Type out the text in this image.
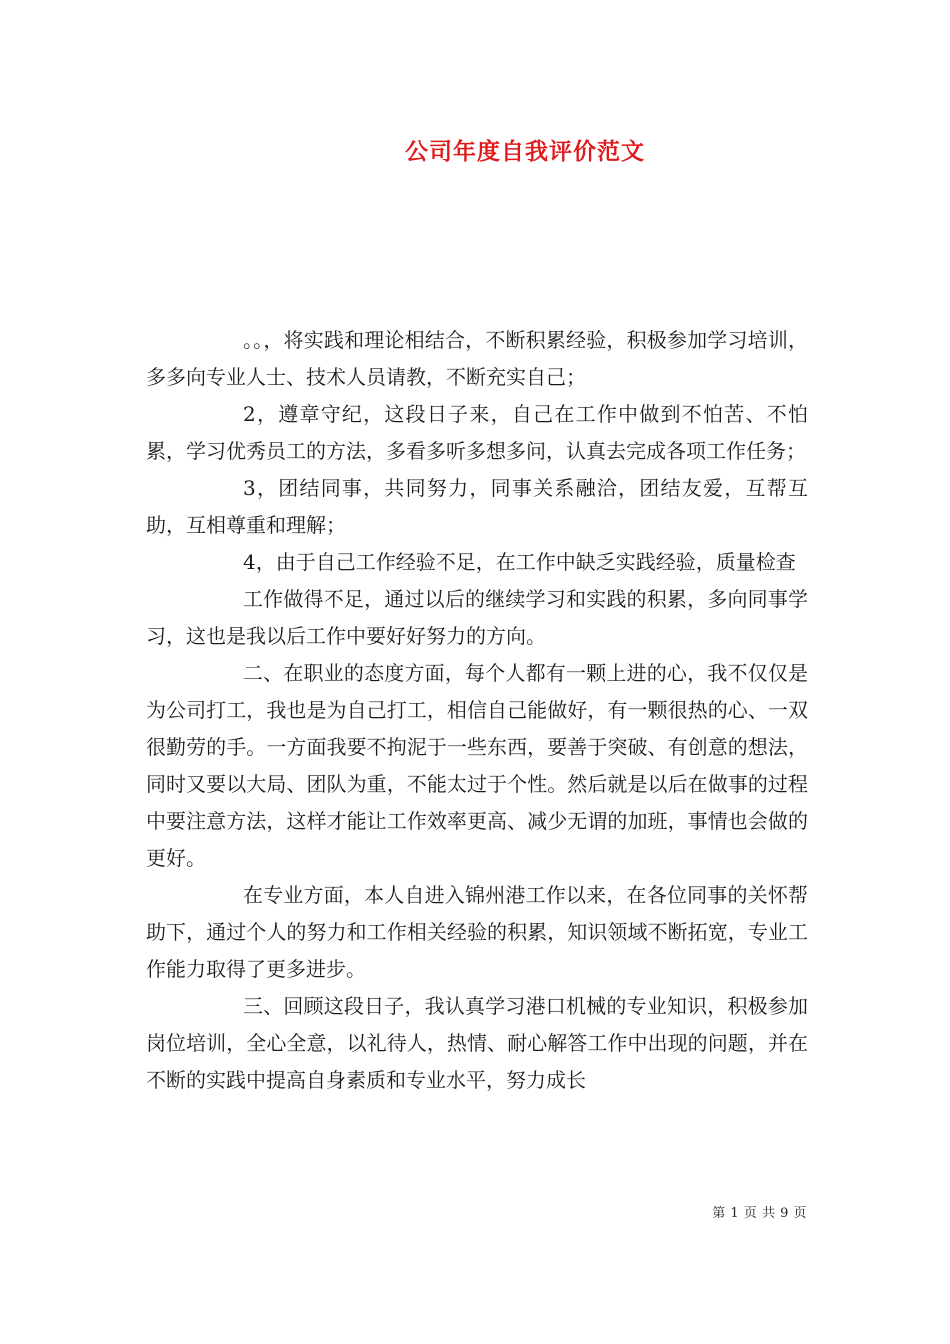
公司年度自我评价范文

。。，将实践和理论相结合，不断积累经验，积极参加学习培训，多多向专业人士、技术人员请教，不断充实自己；

2，遵章守纪，这段日子来，自己在工作中做到不怕苦、不怕累，学习优秀员工的方法，多看多听多想多问，认真去完成各项工作任务；

3，团结同事，共同努力，同事关系融洽，团结友爱，互帮互助，互相尊重和理解；

4，由于自己工作经验不足，在工作中缺乏实践经验，质量检查

工作做得不足，通过以后的继续学习和实践的积累，多向同事学习，这也是我以后工作中要好好努力的方向。

二、在职业的态度方面，每个人都有一颗上进的心，我不仅仅是为公司打工，我也是为自己打工，相信自己能做好，有一颗很热的心、一双很勤劳的手。一方面我要不拘泥于一些东西，要善于突破、有创意的想法，同时又要以大局、团队为重，不能太过于个性。然后就是以后在做事的过程中要注意方法，这样才能让工作效率更高、减少无谓的加班，事情也会做的更好。

在专业方面，本人自进入锦州港工作以来，在各位同事的关怀帮助下，通过个人的努力和工作相关经验的积累，知识领域不断拓宽，专业工作能力取得了更多进步。

三、回顾这段日子，我认真学习港口机械的专业知识，积极参加岗位培训，全心全意，以礼待人，热情、耐心解答工作中出现的问题，并在不断的实践中提高自身素质和专业水平，努力成长

第 1 页 共 9 页
